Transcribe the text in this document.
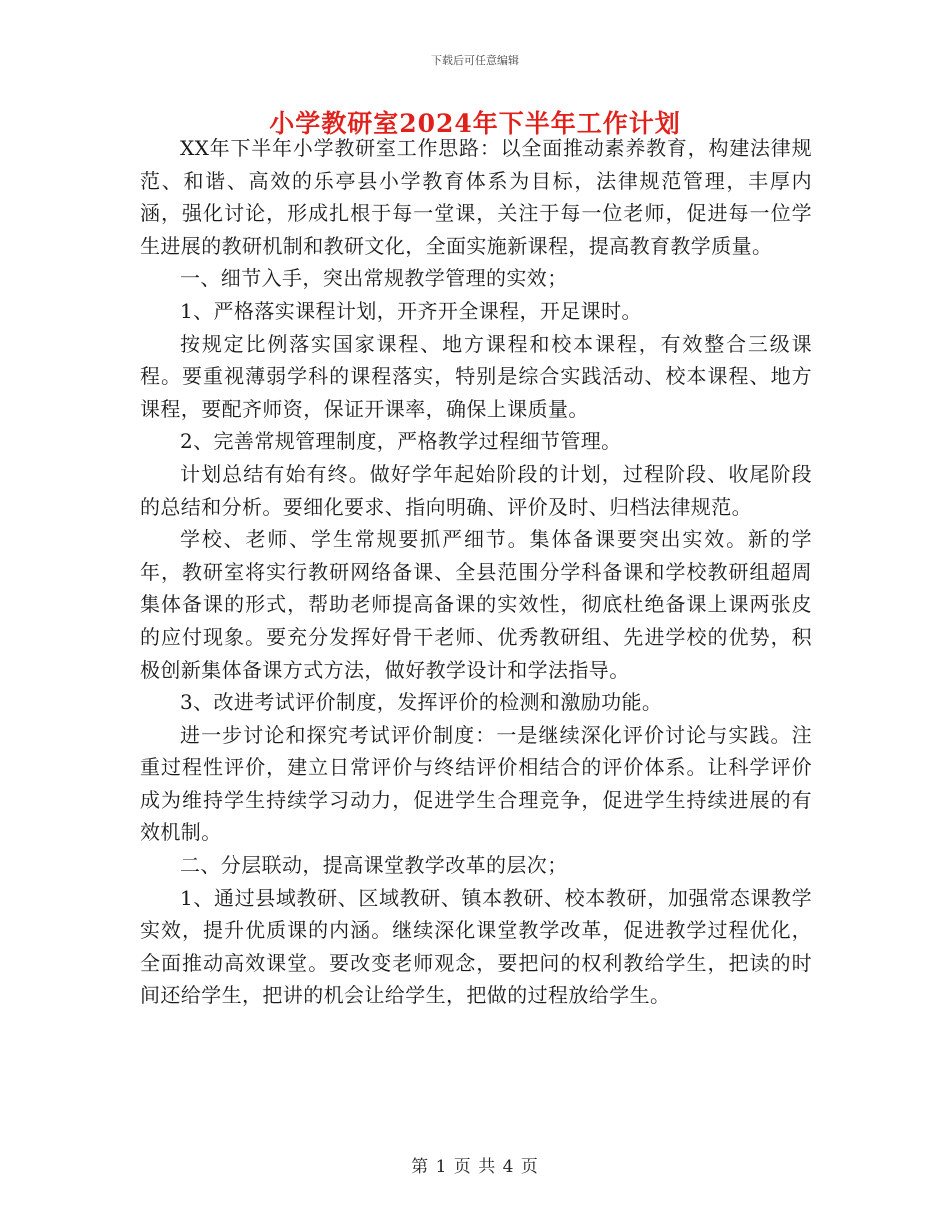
下载后可任意编辑
小学教研室2024年下半年工作计划

XX年下半年小学教研室工作思路：以全面推动素养教育，构建法律规范、和谐、高效的乐亭县小学教育体系为目标，法律规范管理，丰厚内涵，强化讨论，形成扎根于每一堂课，关注于每一位老师，促进每一位学生进展的教研机制和教研文化，全面实施新课程，提高教育教学质量。

一、细节入手，突出常规教学管理的实效；

1、严格落实课程计划，开齐开全课程，开足课时。

按规定比例落实国家课程、地方课程和校本课程，有效整合三级课程。要重视薄弱学科的课程落实，特别是综合实践活动、校本课程、地方课程，要配齐师资，保证开课率，确保上课质量。

2、完善常规管理制度，严格教学过程细节管理。

计划总结有始有终。做好学年起始阶段的计划，过程阶段、收尾阶段的总结和分析。要细化要求、指向明确、评价及时、归档法律规范。

学校、老师、学生常规要抓严细节。集体备课要突出实效。新的学年，教研室将实行教研网络备课、全县范围分学科备课和学校教研组超周集体备课的形式，帮助老师提高备课的实效性，彻底杜绝备课上课两张皮的应付现象。要充分发挥好骨干老师、优秀教研组、先进学校的优势，积极创新集体备课方式方法，做好教学设计和学法指导。

3、改进考试评价制度，发挥评价的检测和激励功能。

进一步讨论和探究考试评价制度：一是继续深化评价讨论与实践。注重过程性评价，建立日常评价与终结评价相结合的评价体系。让科学评价成为维持学生持续学习动力，促进学生合理竞争，促进学生持续进展的有效机制。

二、分层联动，提高课堂教学改革的层次；

1、通过县域教研、区域教研、镇本教研、校本教研，加强常态课教学实效，提升优质课的内涵。继续深化课堂教学改革，促进教学过程优化，全面推动高效课堂。要改变老师观念，要把问的权利教给学生，把读的时间还给学生，把讲的机会让给学生，把做的过程放给学生。

第 1 页 共 4 页
